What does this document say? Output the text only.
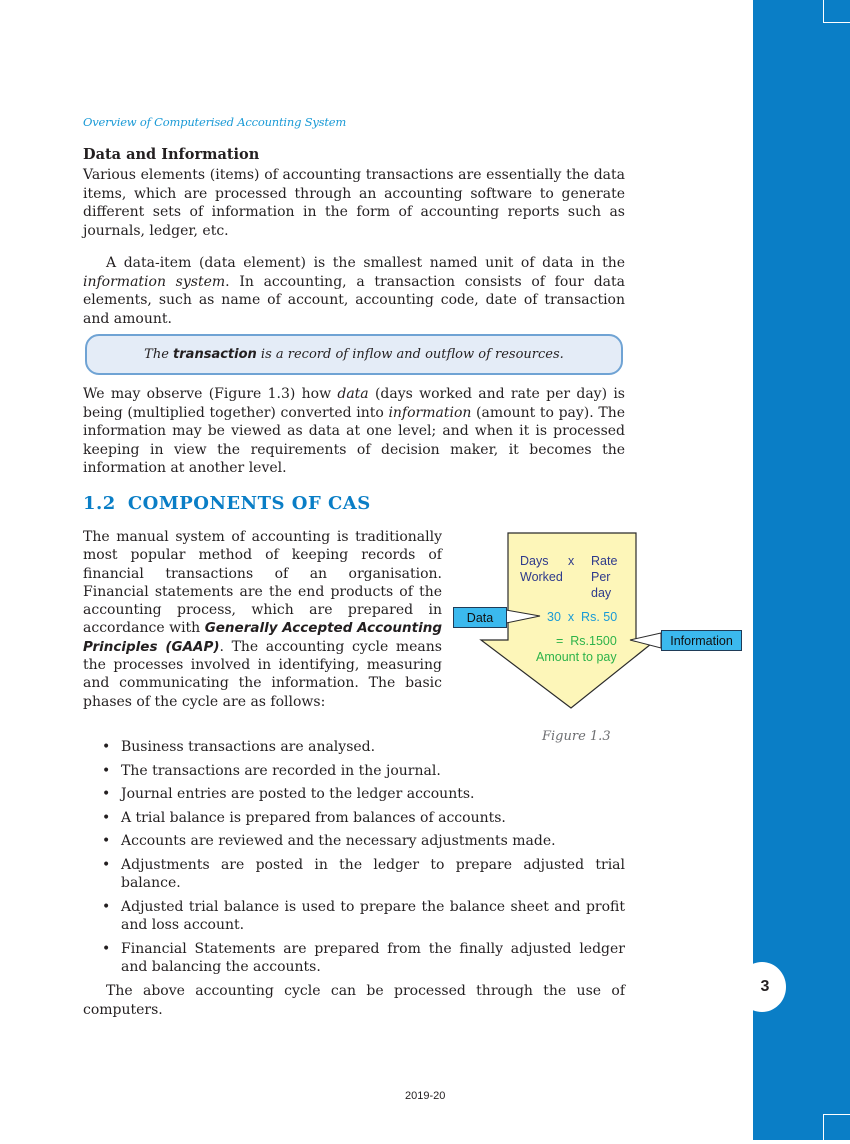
3
Overview of Computerised Accounting System
Data and Information

Various elements (items) of accounting transactions are essentially the data items, which are processed through an accounting software to generate different sets of information in the form of accounting reports such as journals, ledger, etc.

A data-item (data element) is the smallest named unit of data in the information system. In accounting, a transaction consists of four data elements, such as name of account, accounting code, date of transaction and amount.

The transaction is a record of inflow and outflow of resources.

We may observe (Figure 1.3) how data (days worked and rate per day) is being (multiplied together) converted into information (amount to pay). The information may be viewed as data at one level; and when it is processed keeping in view the requirements of decision maker, it becomes the information at another level.

1.2 COMPONENTS OF CAS

The manual system of accounting is traditionally most popular method of keeping records of financial transactions of an organisation. Financial statements are the end products of the accounting process, which are prepared in accordance with Generally Accepted Accounting Principles (GAAP). The accounting cycle means the processes involved in identifying, measuring and communicating the information. The basic phases of the cycle are as follows:

Days
Worked
x Rate
Per
day
30  x  Rs. 50
=  Rs.1500
Amount to pay
Data
Information
Figure 1.3
• Business transactions are analysed.
• The transactions are recorded in the journal.
• Journal entries are posted to the ledger accounts.
• A trial balance is prepared from balances of accounts.
• Accounts are reviewed and the necessary adjustments made.
• Adjustments are posted in the ledger to prepare adjusted trial balance.
• Adjusted trial balance is used to prepare the balance sheet and profit and loss account.
• Financial Statements are prepared from the finally adjusted ledger and balancing the accounts.

The above accounting cycle can be processed through the use of computers.

2019-20
